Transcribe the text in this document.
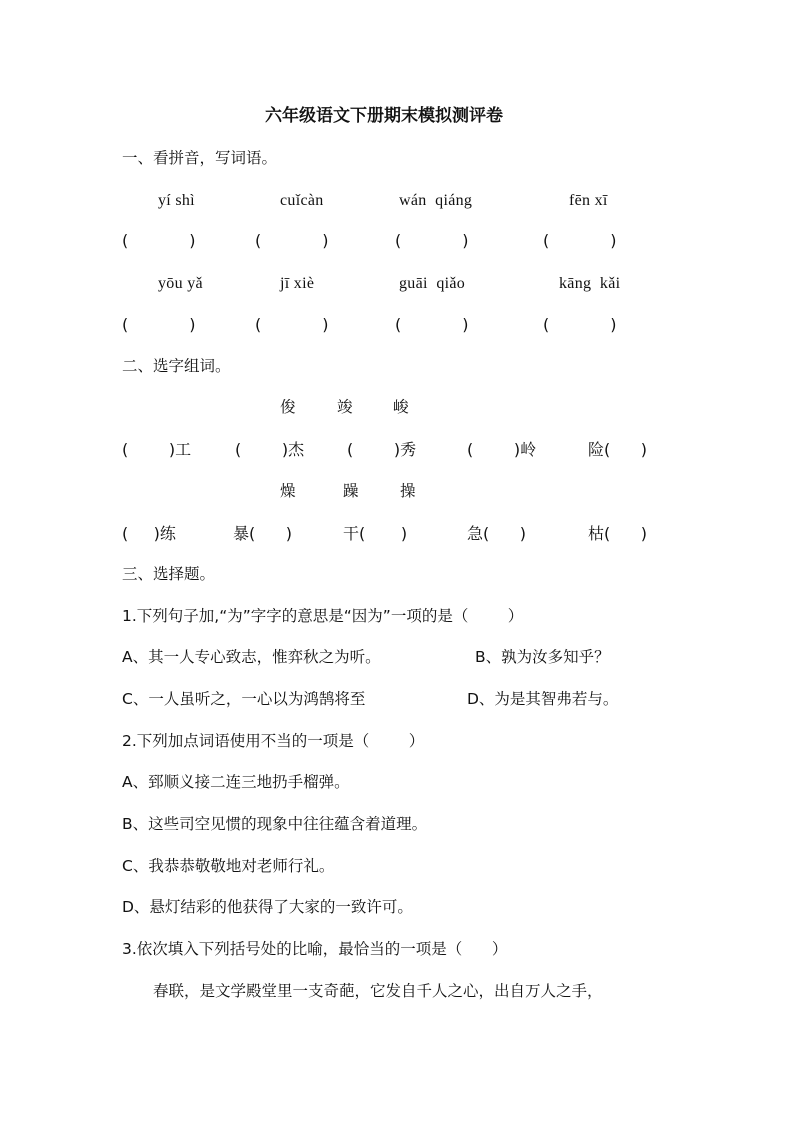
六年级语文下册期末模拟测评卷
一、看拼音，写词语。
yí shì	cuǐcàn	wán  qiáng	fēn xī
(            )	(            )	(            )	(            )
yōu yǎ	jī xiè	guāi  qiǎo	kāng  kǎi
(            )	(            )	(            )	(            )
二、选字组词。
俊	竣	峻
(        )工	(        )杰	(        )秀	(        )岭	险(      )
燥	躁	操
(     )练	暴(      )	干(       )	急(      )	枯(      )
三、选择题。
1.下列句子加,“为”字字的意思是“因为”一项的是（        ）
A、其一人专心致志，惟弈秋之为听。	B、孰为汝多知乎？
C、一人虽听之，一心以为鸿鹄将至	D、为是其智弗若与。
2.下列加点词语使用不当的一项是（        ）
A、郅顺义接二连三地扔手榴弹。
B、这些司空见惯的现象中往往蕴含着道理。
C、我恭恭敬敬地对老师行礼。
D、悬灯结彩的他获得了大家的一致许可。
3.依次填入下列括号处的比喻，最恰当的一项是（      ）
春联，是文学殿堂里一支奇葩，它发自千人之心，出自万人之手，
